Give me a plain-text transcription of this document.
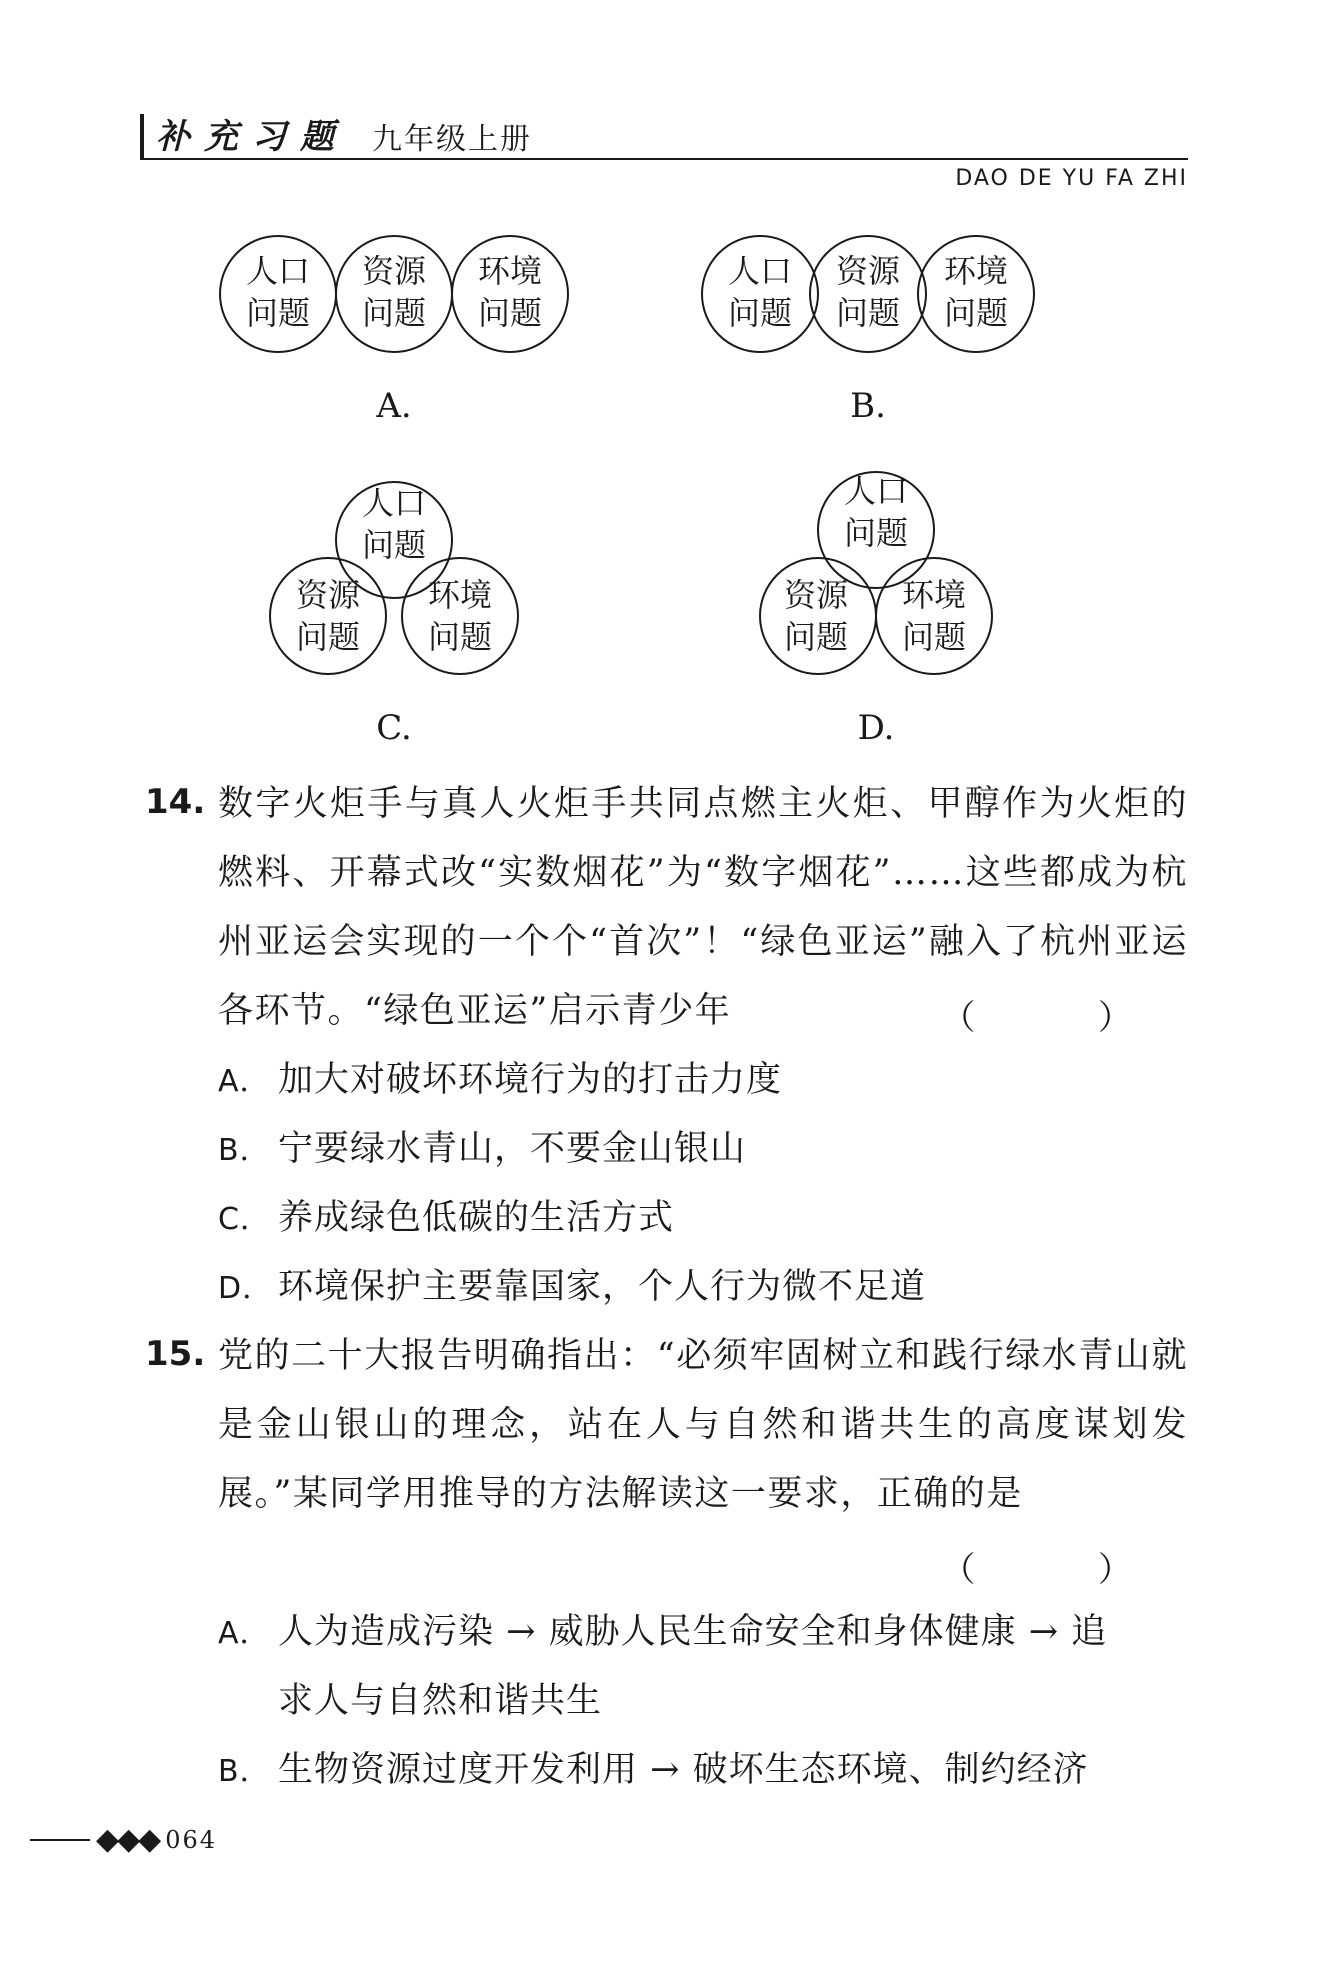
补充习题 九年级上册
DAO DE YU FA ZHI
人口
问题
资源
问题
环境
问题
A.
人口
问题
资源
问题
环境
问题
B.
人口
问题
资源
问题
环境
问题
C.
人口
问题
资源
问题
环境
问题
D.
14. 数字火炬手与真人火炬手共同点燃主火炬、甲醇作为火炬的燃料、开幕式改“实数烟花”为“数字烟花”……这些都成为杭州亚运会实现的一个个“首次”！“绿色亚运”融入了杭州亚运各环节。“绿色亚运”启示青少年	（ ）
A． 加大对破坏环境行为的打击力度
B． 宁要绿水青山，不要金山银山
C． 养成绿色低碳的生活方式
D． 环境保护主要靠国家，个人行为微不足道
15. 党的二十大报告明确指出：“必须牢固树立和践行绿水青山就是金山银山的理念，站在人与自然和谐共生的高度谋划发展。”某同学用推导的方法解读这一要求，正确的是
（ ）
A． 人为造成污染 → 威胁人民生命安全和身体健康 → 追
求人与自然和谐共生
B． 生物资源过度开发利用 → 破坏生态环境、制约经济
◆◆◆ 064
